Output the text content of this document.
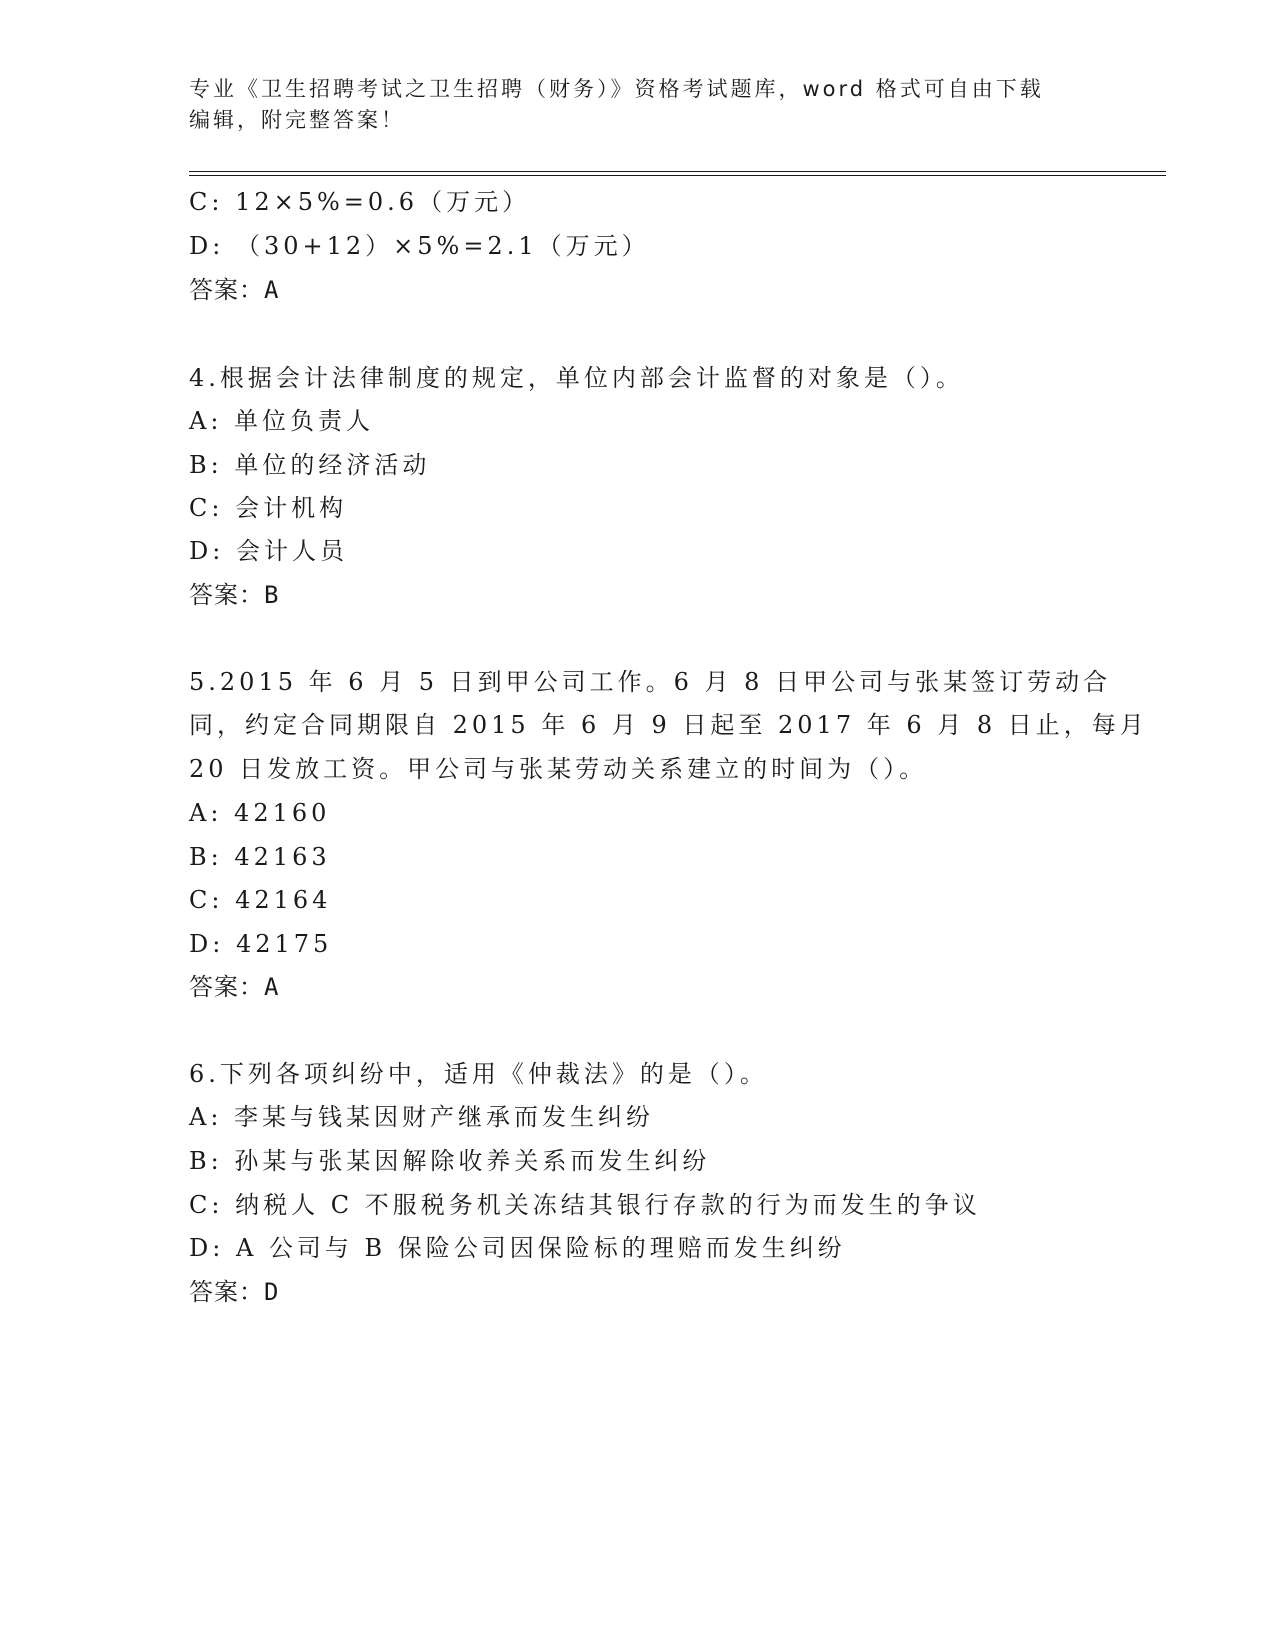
专业《卫生招聘考试之卫生招聘（财务）》资格考试题库，word 格式可自由下载
编辑，附完整答案！
C: 12×5%=0.6（万元）
D: （30+12）×5%=2.1（万元）
答案：A
4.根据会计法律制度的规定，单位内部会计监督的对象是（）。
A: 单位负责人
B: 单位的经济活动
C: 会计机构
D: 会计人员
答案：B
5.2015 年 6 月 5 日到甲公司工作。6 月 8 日甲公司与张某签订劳动合
同，约定合同期限自 2015 年 6 月 9 日起至 2017 年 6 月 8 日止，每月
20 日发放工资。甲公司与张某劳动关系建立的时间为（）。
A: 42160
B: 42163
C: 42164
D: 42175
答案：A
6.下列各项纠纷中，适用《仲裁法》的是（）。
A: 李某与钱某因财产继承而发生纠纷
B: 孙某与张某因解除收养关系而发生纠纷
C: 纳税人 C 不服税务机关冻结其银行存款的行为而发生的争议
D: A 公司与 B 保险公司因保险标的理赔而发生纠纷
答案：D
